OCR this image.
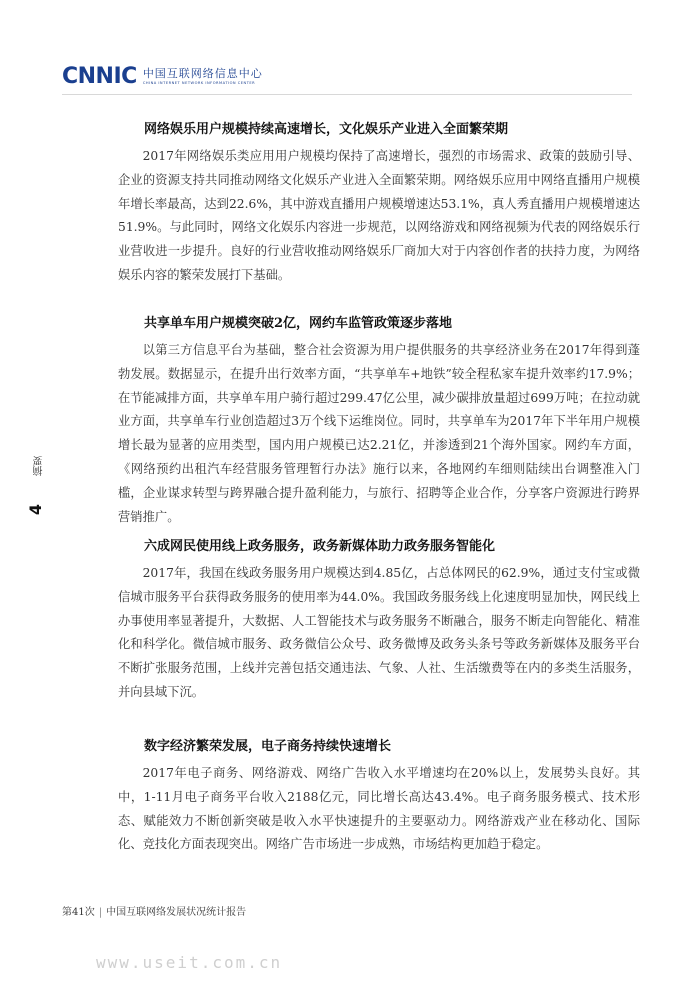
CNNIC 中国互联网络信息中心
CHINA INTERNET NETWORK INFORMATION CENTER
摘要
4
网络娱乐用户规模持续高速增长，文化娱乐产业进入全面繁荣期

2017年网络娱乐类应用用户规模均保持了高速增长，强烈的市场需求、政策的鼓励引导、企业的资源支持共同推动网络文化娱乐产业进入全面繁荣期。网络娱乐应用中网络直播用户规模年增长率最高，达到22.6%，其中游戏直播用户规模增速达53.1%，真人秀直播用户规模增速达51.9%。与此同时，网络文化娱乐内容进一步规范，以网络游戏和网络视频为代表的网络娱乐行业营收进一步提升。良好的行业营收推动网络娱乐厂商加大对于内容创作者的扶持力度，为网络娱乐内容的繁荣发展打下基础。

共享单车用户规模突破2亿，网约车监管政策逐步落地

以第三方信息平台为基础，整合社会资源为用户提供服务的共享经济业务在2017年得到蓬勃发展。数据显示，在提升出行效率方面，“共享单车+地铁”较全程私家车提升效率约17.9%；在节能减排方面，共享单车用户骑行超过299.47亿公里，减少碳排放量超过699万吨；在拉动就业方面，共享单车行业创造超过3万个线下运维岗位。同时，共享单车为2017年下半年用户规模增长最为显著的应用类型，国内用户规模已达2.21亿，并渗透到21个海外国家。网约车方面，《网络预约出租汽车经营服务管理暂行办法》施行以来，各地网约车细则陆续出台调整准入门槛，企业谋求转型与跨界融合提升盈利能力，与旅行、招聘等企业合作，分享客户资源进行跨界营销推广。

六成网民使用线上政务服务，政务新媒体助力政务服务智能化

2017年，我国在线政务服务用户规模达到4.85亿，占总体网民的62.9%，通过支付宝或微信城市服务平台获得政务服务的使用率为44.0%。我国政务服务线上化速度明显加快，网民线上办事使用率显著提升，大数据、人工智能技术与政务服务不断融合，服务不断走向智能化、精准化和科学化。微信城市服务、政务微信公众号、政务微博及政务头条号等政务新媒体及服务平台不断扩张服务范围，上线并完善包括交通违法、气象、人社、生活缴费等在内的多类生活服务，并向县域下沉。

数字经济繁荣发展，电子商务持续快速增长

2017年电子商务、网络游戏、网络广告收入水平增速均在20%以上，发展势头良好。其中，1-11月电子商务平台收入2188亿元，同比增长高达43.4%。电子商务服务模式、技术形态、赋能效力不断创新突破是收入水平快速提升的主要驱动力。网络游戏产业在移动化、国际化、竞技化方面表现突出。网络广告市场进一步成熟，市场结构更加趋于稳定。

第41次 | 中国互联网络发展状况统计报告
www.useit.com.cn
